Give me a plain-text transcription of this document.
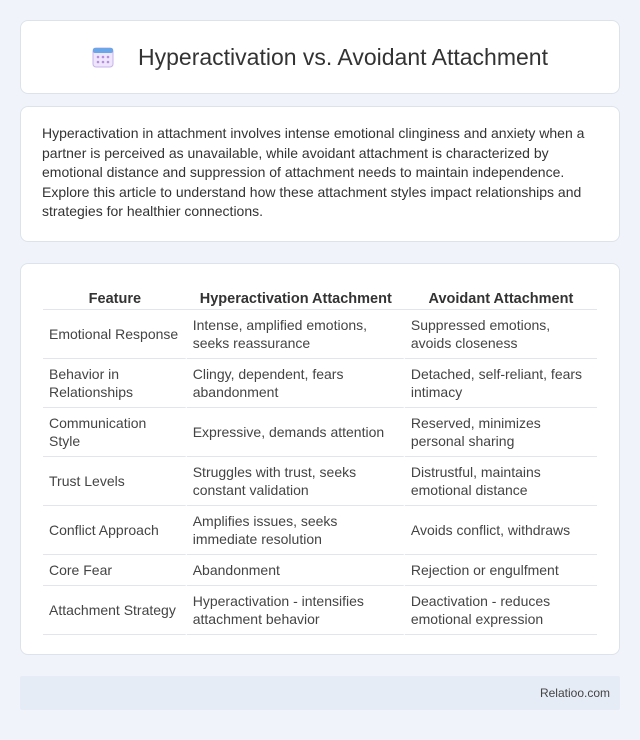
Hyperactivation vs. Avoidant Attachment

Hyperactivation in attachment involves intense emotional clinginess and anxiety when a partner is perceived as unavailable, while avoidant attachment is characterized by emotional distance and suppression of attachment needs to maintain independence. Explore this article to understand how these attachment styles impact relationships and strategies for healthier connections.

Feature	Hyperactivation Attachment	Avoidant Attachment
Emotional Response	Intense, amplified emotions, seeks reassurance	Suppressed emotions, avoids closeness
Behavior in Relationships	Clingy, dependent, fears abandonment	Detached, self-reliant, fears intimacy
Communication Style	Expressive, demands attention	Reserved, minimizes personal sharing
Trust Levels	Struggles with trust, seeks constant validation	Distrustful, maintains emotional distance
Conflict Approach	Amplifies issues, seeks immediate resolution	Avoids conflict, withdraws
Core Fear	Abandonment	Rejection or engulfment
Attachment Strategy	Hyperactivation - intensifies attachment behavior	Deactivation - reduces emotional expression
Relatioo.com
